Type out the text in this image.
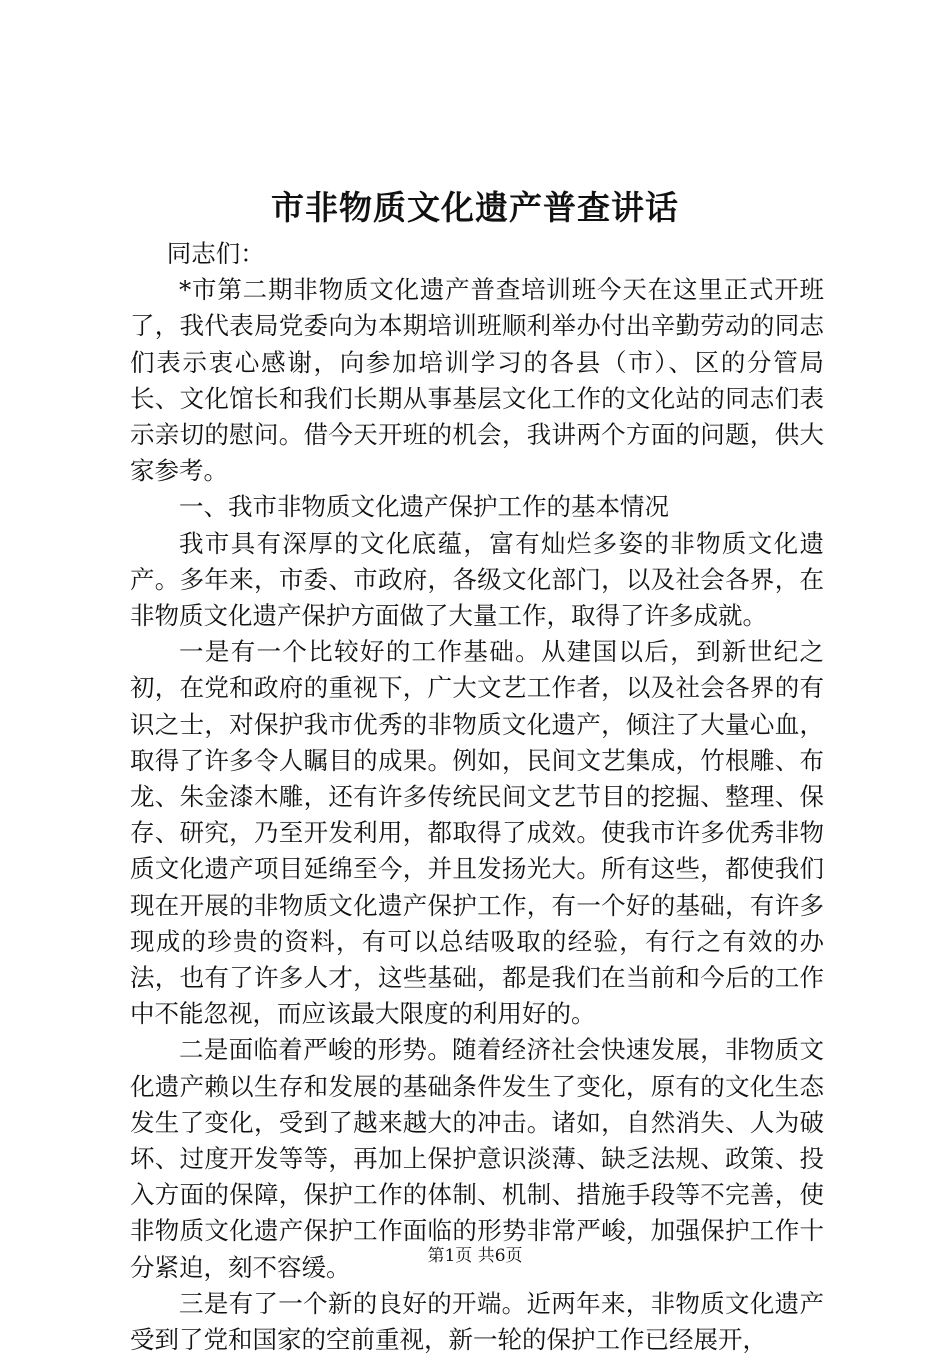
市非物质文化遗产普查讲话

同志们：

*市第二期非物质文化遗产普查培训班今天在这里正式开班了，我代表局党委向为本期培训班顺利举办付出辛勤劳动的同志们表示衷心感谢，向参加培训学习的各县（市）、区的分管局长、文化馆长和我们长期从事基层文化工作的文化站的同志们表示亲切的慰问。借今天开班的机会，我讲两个方面的问题，供大家参考。

一、我市非物质文化遗产保护工作的基本情况

我市具有深厚的文化底蕴，富有灿烂多姿的非物质文化遗产。多年来，市委、市政府，各级文化部门，以及社会各界，在非物质文化遗产保护方面做了大量工作，取得了许多成就。

一是有一个比较好的工作基础。从建国以后，到新世纪之初，在党和政府的重视下，广大文艺工作者，以及社会各界的有识之士，对保护我市优秀的非物质文化遗产，倾注了大量心血，取得了许多令人瞩目的成果。例如，民间文艺集成，竹根雕、布龙、朱金漆木雕，还有许多传统民间文艺节目的挖掘、整理、保存、研究，乃至开发利用，都取得了成效。使我市许多优秀非物质文化遗产项目延绵至今，并且发扬光大。所有这些，都使我们现在开展的非物质文化遗产保护工作，有一个好的基础，有许多现成的珍贵的资料，有可以总结吸取的经验，有行之有效的办法，也有了许多人才，这些基础，都是我们在当前和今后的工作中不能忽视，而应该最大限度的利用好的。

二是面临着严峻的形势。随着经济社会快速发展，非物质文化遗产赖以生存和发展的基础条件发生了变化，原有的文化生态发生了变化，受到了越来越大的冲击。诸如，自然消失、人为破坏、过度开发等等，再加上保护意识淡薄、缺乏法规、政策、投入方面的保障，保护工作的体制、机制、措施手段等不完善，使非物质文化遗产保护工作面临的形势非常严峻，加强保护工作十分紧迫，刻不容缓。

三是有了一个新的良好的开端。近两年来，非物质文化遗产受到了党和国家的空前重视，新一轮的保护工作已经展开，

第1页 共6页
